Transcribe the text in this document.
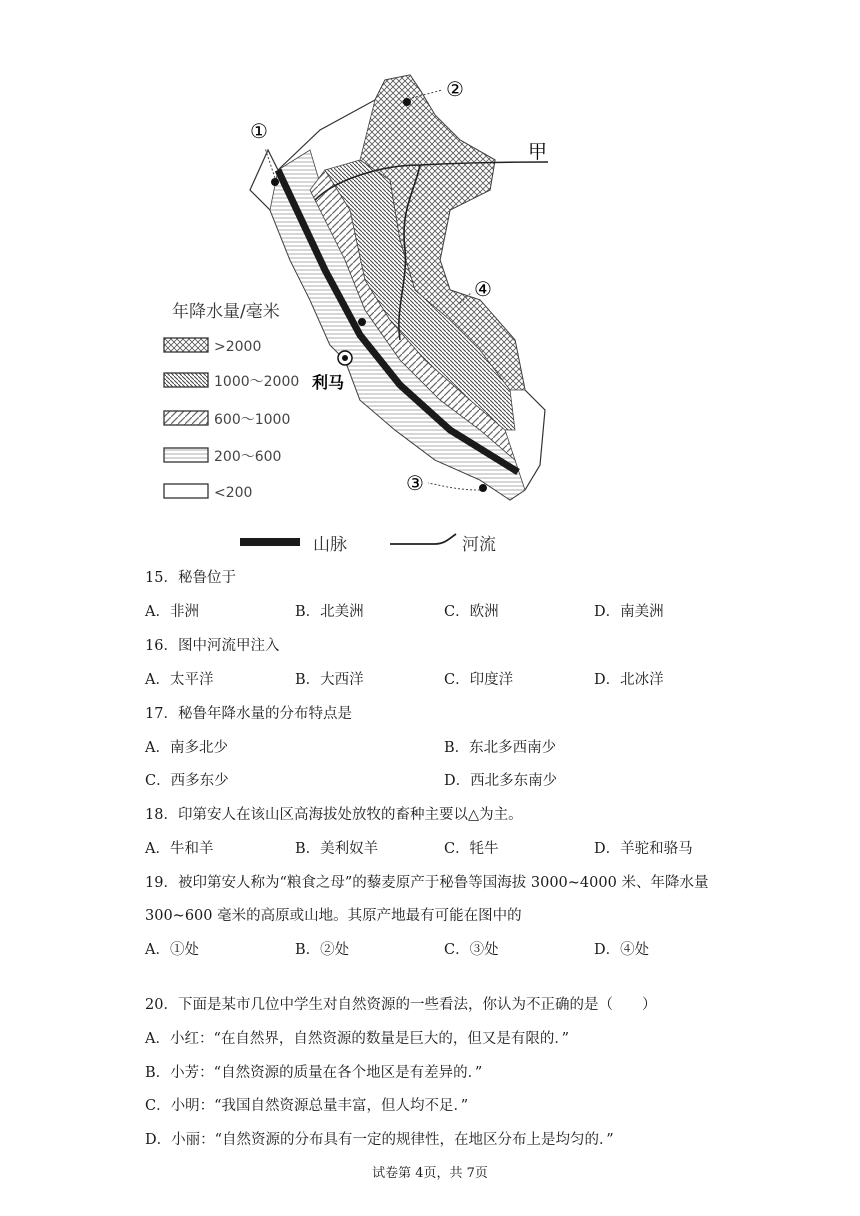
①
②
③
④
甲
利马
年降水量/毫米
>2000
1000～2000
600～1000
200～600
<200
山脉	河流
15．秘鲁位于
A．非洲	B．北美洲	C．欧洲	D．南美洲
16．图中河流甲注入
A．太平洋	B．大西洋	C．印度洋	D．北冰洋
17．秘鲁年降水量的分布特点是
A．南多北少	B．东北多西南少
C．西多东少	D．西北多东南少
18．印第安人在该山区高海拔处放牧的畜种主要以△为主。
A．牛和羊	B．美利奴羊	C．牦牛	D．羊驼和骆马
19．被印第安人称为“粮食之母”的藜麦原产于秘鲁等国海拔 3000~4000 米、年降水量
300~600 毫米的高原或山地。其原产地最有可能在图中的
A．①处	B．②处	C．③处	D．④处
20．下面是某市几位中学生对自然资源的一些看法，你认为不正确的是（　　）
A．小红：“在自然界，自然资源的数量是巨大的，但又是有限的．”
B．小芳：“自然资源的质量在各个地区是有差异的．”
C．小明：“我国自然资源总量丰富，但人均不足．”
D．小丽：“自然资源的分布具有一定的规律性，在地区分布上是均匀的．”
试卷第 4页，共 7页
